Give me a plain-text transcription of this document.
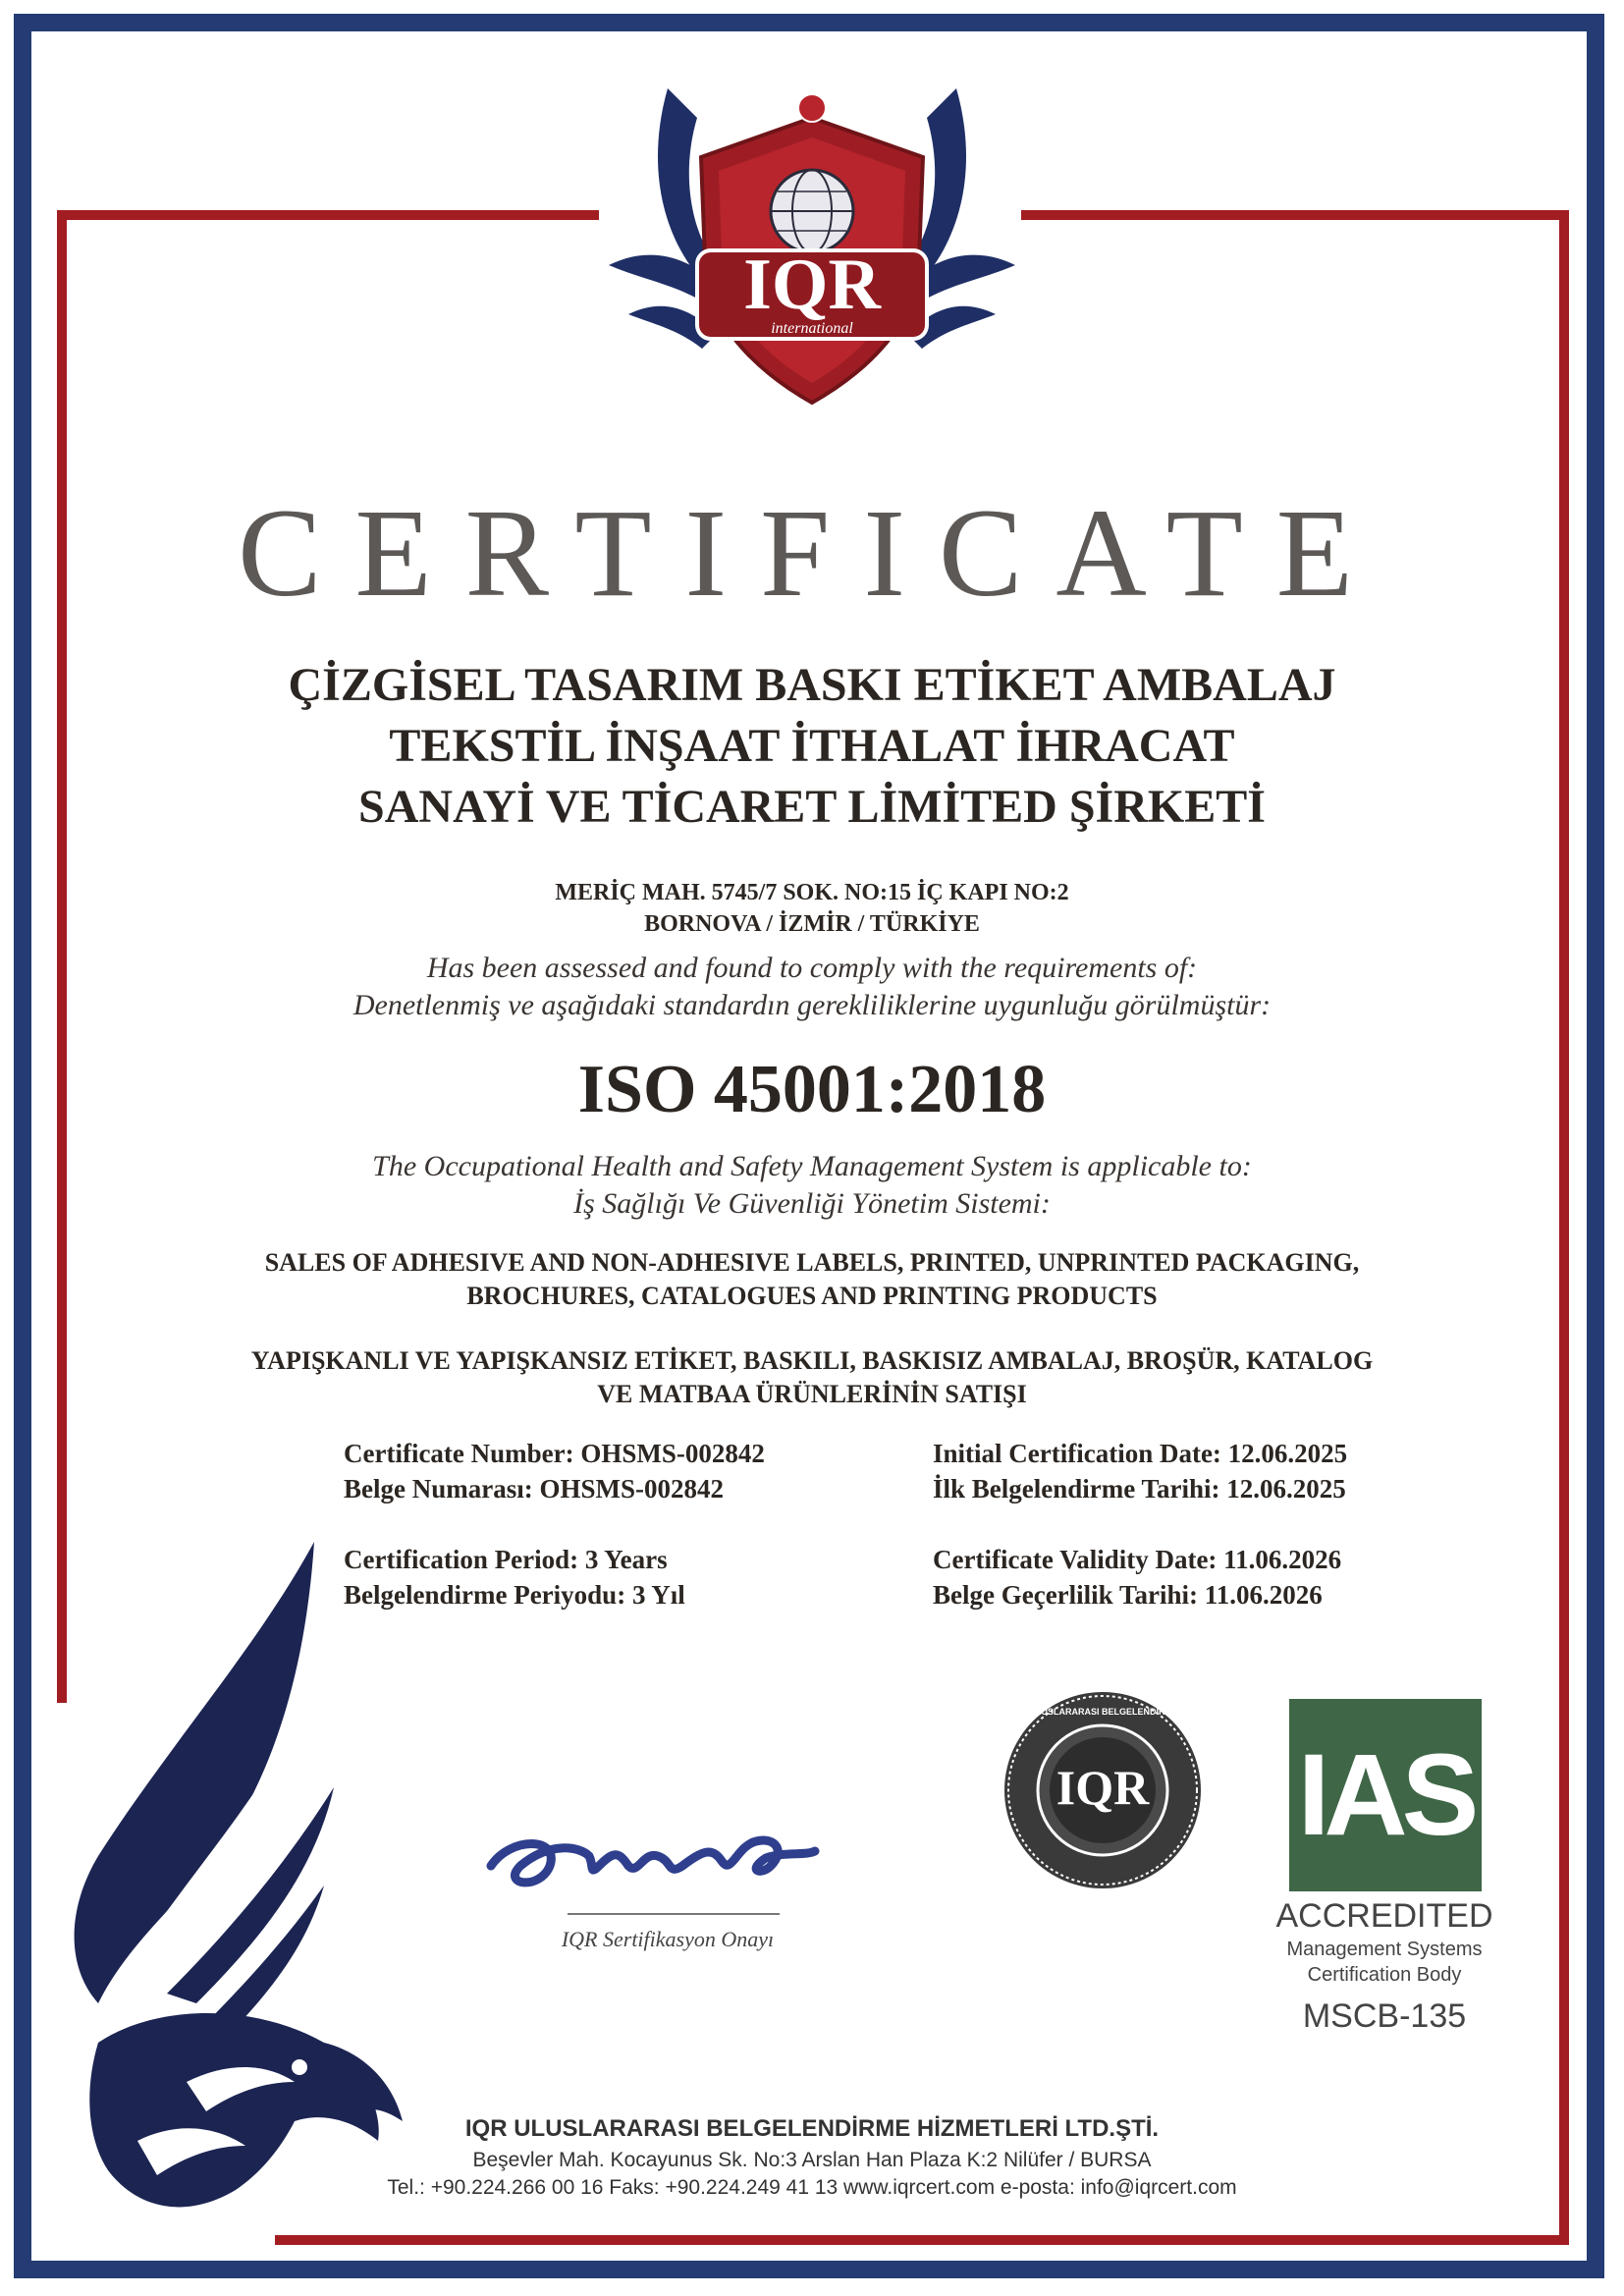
IQR
international
CERTIFICATE
ÇİZGİSEL TASARIM BASKI ETİKET AMBALAJ
TEKSTİL İNŞAAT İTHALAT İHRACAT
SANAYİ VE TİCARET LİMİTED ŞİRKETİ
MERİÇ MAH. 5745/7 SOK. NO:15 İÇ KAPI NO:2
BORNOVA / İZMİR / TÜRKİYE
Has been assessed and found to comply with the requirements of:
Denetlenmiş ve aşağıdaki standardın gerekliliklerine uygunluğu görülmüştür:
ISO 45001:2018
The Occupational Health and Safety Management System is applicable to:
İş Sağlığı Ve Güvenliği Yönetim Sistemi:
SALES OF ADHESIVE AND NON-ADHESIVE LABELS, PRINTED, UNPRINTED PACKAGING,
BROCHURES, CATALOGUES AND PRINTING PRODUCTS
YAPIŞKANLI VE YAPIŞKANSIZ ETİKET, BASKILI, BASKISIZ AMBALAJ, BROŞÜR, KATALOG
VE MATBAA ÜRÜNLERİNİN SATIŞI
Certificate Number: OHSMS-002842
Belge Numarası: OHSMS-002842
Initial Certification Date: 12.06.2025
İlk Belgelendirme Tarihi: 12.06.2025
Certification Period: 3 Years
Belgelendirme Periyodu: 3 Yıl
Certificate Validity Date: 11.06.2026
Belge Geçerlilik Tarihi: 11.06.2026
IQR Sertifikasyon Onayı
IQR
IQR ULUSLARARASI BELGELENDİRME HİZMETLERİ LTD.ŞTİ.
IAS
ACCREDITED
Management Systems
Certification Body
MSCB-135
IQR ULUSLARARASI BELGELENDİRME HİZMETLERİ LTD.ŞTİ.
Beşevler Mah. Kocayunus Sk. No:3 Arslan Han Plaza K:2 Nilüfer / BURSA
Tel.: +90.224.266 00 16 Faks: +90.224.249 41 13 www.iqrcert.com e-posta: info@iqrcert.com
